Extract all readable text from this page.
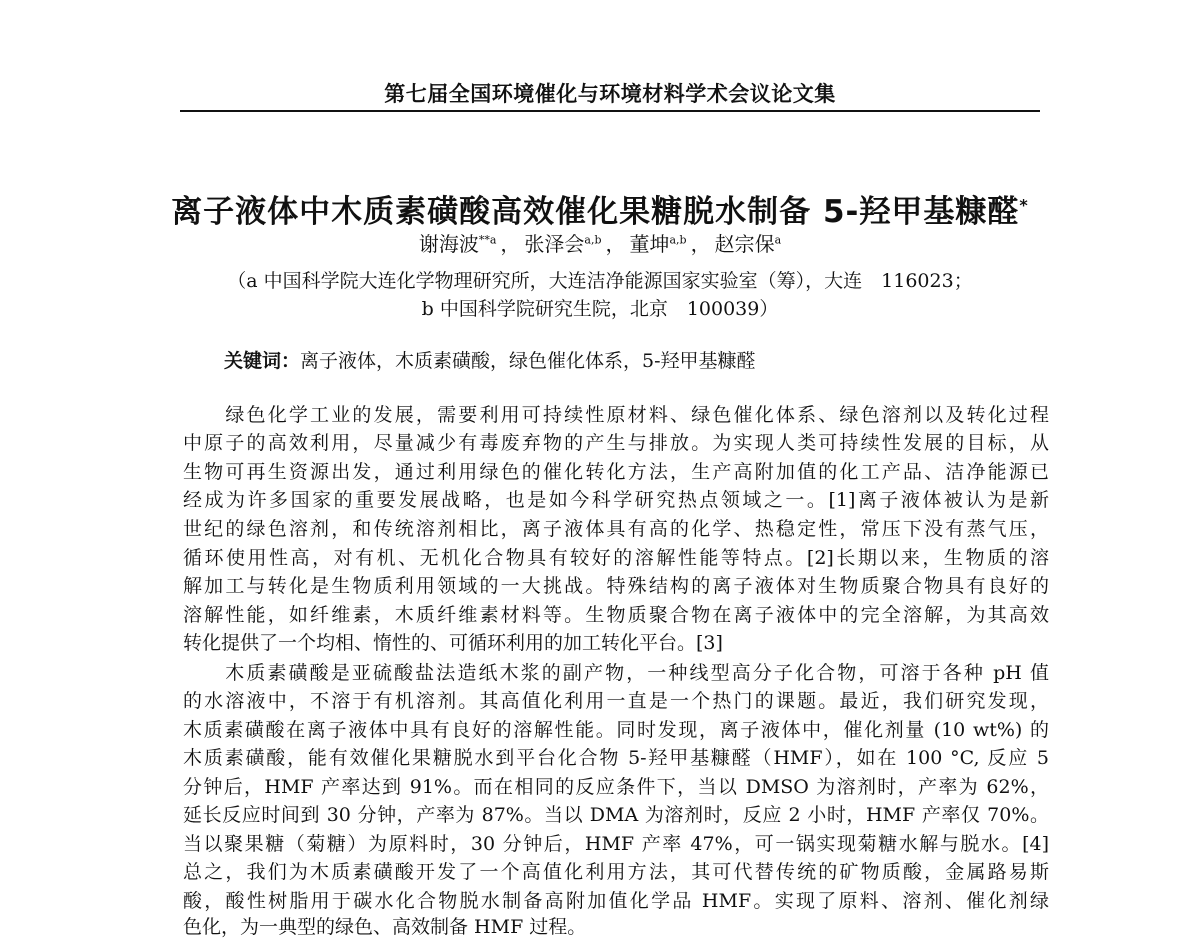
第七届全国环境催化与环境材料学术会议论文集
离子液体中木质素磺酸高效催化果糖脱水制备 5-羟甲基糠醛*
谢海波$^{**a}$ ， 张泽会$^{a,b}$ ， 董坤$^{a,b}$ ， 赵宗保$^a$
（a 中国科学院大连化学物理研究所，大连洁净能源国家实验室（筹），大连　116023；
b 中国科学院研究生院，北京　100039）
关键词：离子液体，木质素磺酸，绿色催化体系，5-羟甲基糠醛
　　绿色化学工业的发展，需要利用可持续性原材料、绿色催化体系、绿色溶剂以及转化过程
中原子的高效利用，尽量减少有毒废弃物的产生与排放。为实现人类可持续性发展的目标，从
生物可再生资源出发，通过利用绿色的催化转化方法，生产高附加值的化工产品、洁净能源已
经成为许多国家的重要发展战略，也是如今科学研究热点领域之一。[1]离子液体被认为是新
世纪的绿色溶剂，和传统溶剂相比，离子液体具有高的化学、热稳定性，常压下没有蒸气压，
循环使用性高，对有机、无机化合物具有较好的溶解性能等特点。[2]长期以来，生物质的溶
解加工与转化是生物质利用领域的一大挑战。特殊结构的离子液体对生物质聚合物具有良好的
溶解性能，如纤维素，木质纤维素材料等。生物质聚合物在离子液体中的完全溶解，为其高效
转化提供了一个均相、惰性的、可循环利用的加工转化平台。[3]
　　木质素磺酸是亚硫酸盐法造纸木浆的副产物，一种线型高分子化合物，可溶于各种 pH 值
的水溶液中，不溶于有机溶剂。其高值化利用一直是一个热门的课题。最近，我们研究发现，
木质素磺酸在离子液体中具有良好的溶解性能。同时发现，离子液体中，催化剂量 (10 wt%) 的
木质素磺酸，能有效催化果糖脱水到平台化合物 5-羟甲基糠醛（HMF），如在 100 °C, 反应 5
分钟后，HMF 产率达到 91%。而在相同的反应条件下，当以 DMSO 为溶剂时，产率为 62%，
延长反应时间到 30 分钟，产率为 87%。当以 DMA 为溶剂时，反应 2 小时，HMF 产率仅 70%。
当以聚果糖（菊糖）为原料时，30 分钟后，HMF 产率 47%，可一锅实现菊糖水解与脱水。[4]
总之，我们为木质素磺酸开发了一个高值化利用方法，其可代替传统的矿物质酸，金属路易斯
酸，酸性树脂用于碳水化合物脱水制备高附加值化学品 HMF。实现了原料、溶剂、催化剂绿
色化，为一典型的绿色、高效制备 HMF 过程。
